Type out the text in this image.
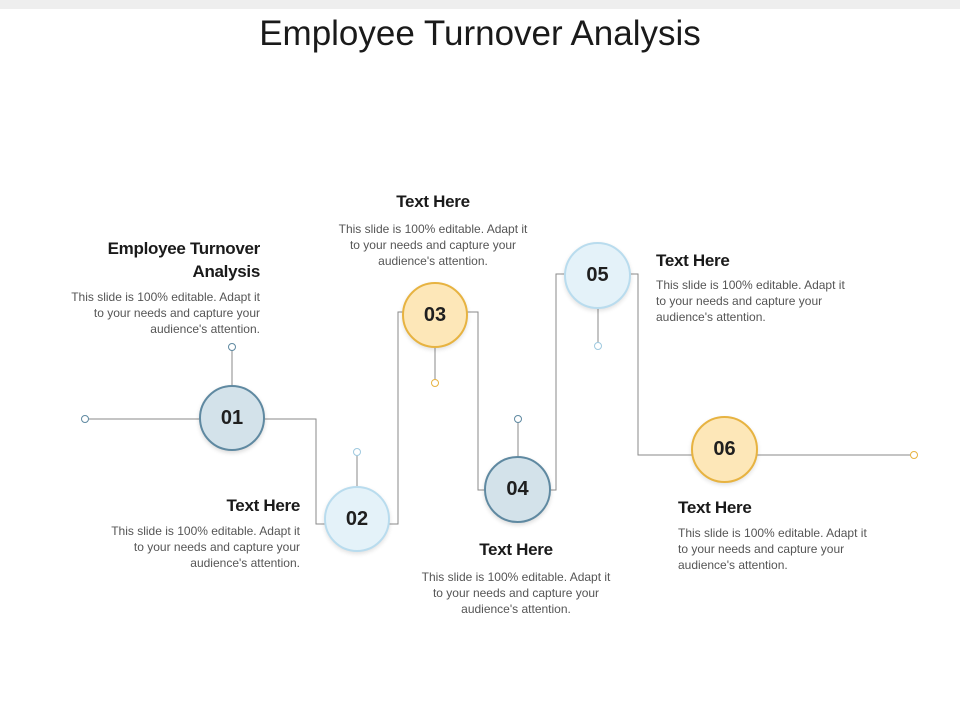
Employee Turnover Analysis
01
02
03
04
05
06
Employee Turnover Analysis
This slide is 100% editable. Adapt it to your needs and capture your audience's attention.
Text Here
This slide is 100% editable. Adapt it to your needs and capture your audience's attention.
Text Here
This slide is 100% editable. Adapt it to your needs and capture your audience's attention.
Text Here
This slide is 100% editable. Adapt it to your needs and capture your audience's attention.
Text Here
This slide is 100% editable. Adapt it to your needs and capture your audience's attention.
Text Here
This slide is 100% editable. Adapt it to your needs and capture your audience's attention.
